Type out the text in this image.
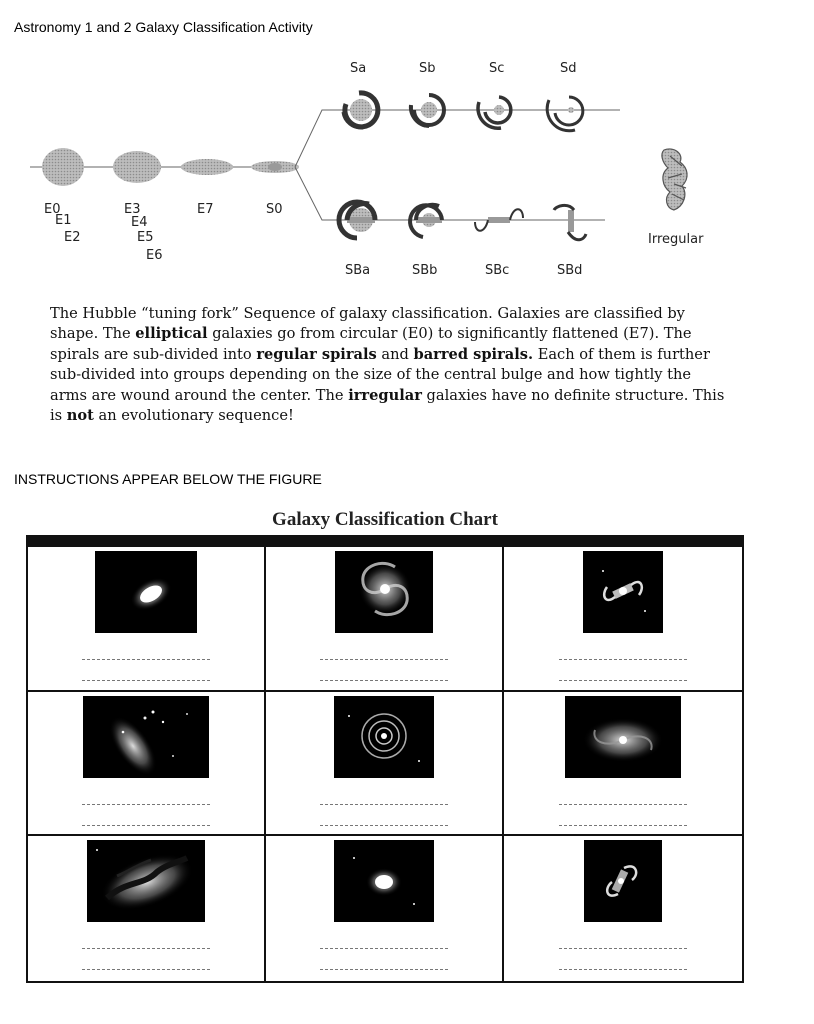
Astronomy 1 and 2 Galaxy Classification Activity
E0
E1
E2
E3
E4
E5
E6
E7	S0
Sa	Sb	Sc	Sd
SBa	SBb	SBc	SBd
Irregular
The Hubble “tuning fork” Sequence of galaxy classification. Galaxies are classified by shape. The elliptical galaxies go from circular (E0) to significantly flattened (E7). The spirals are sub-divided into regular spirals and barred spirals. Each of them is further sub-divided into groups depending on the size of the central bulge and how tightly the arms are wound around the center. The irregular galaxies have no definite structure. This is not an evolutionary sequence!
INSTRUCTIONS APPEAR BELOW THE FIGURE
Galaxy Classification Chart
